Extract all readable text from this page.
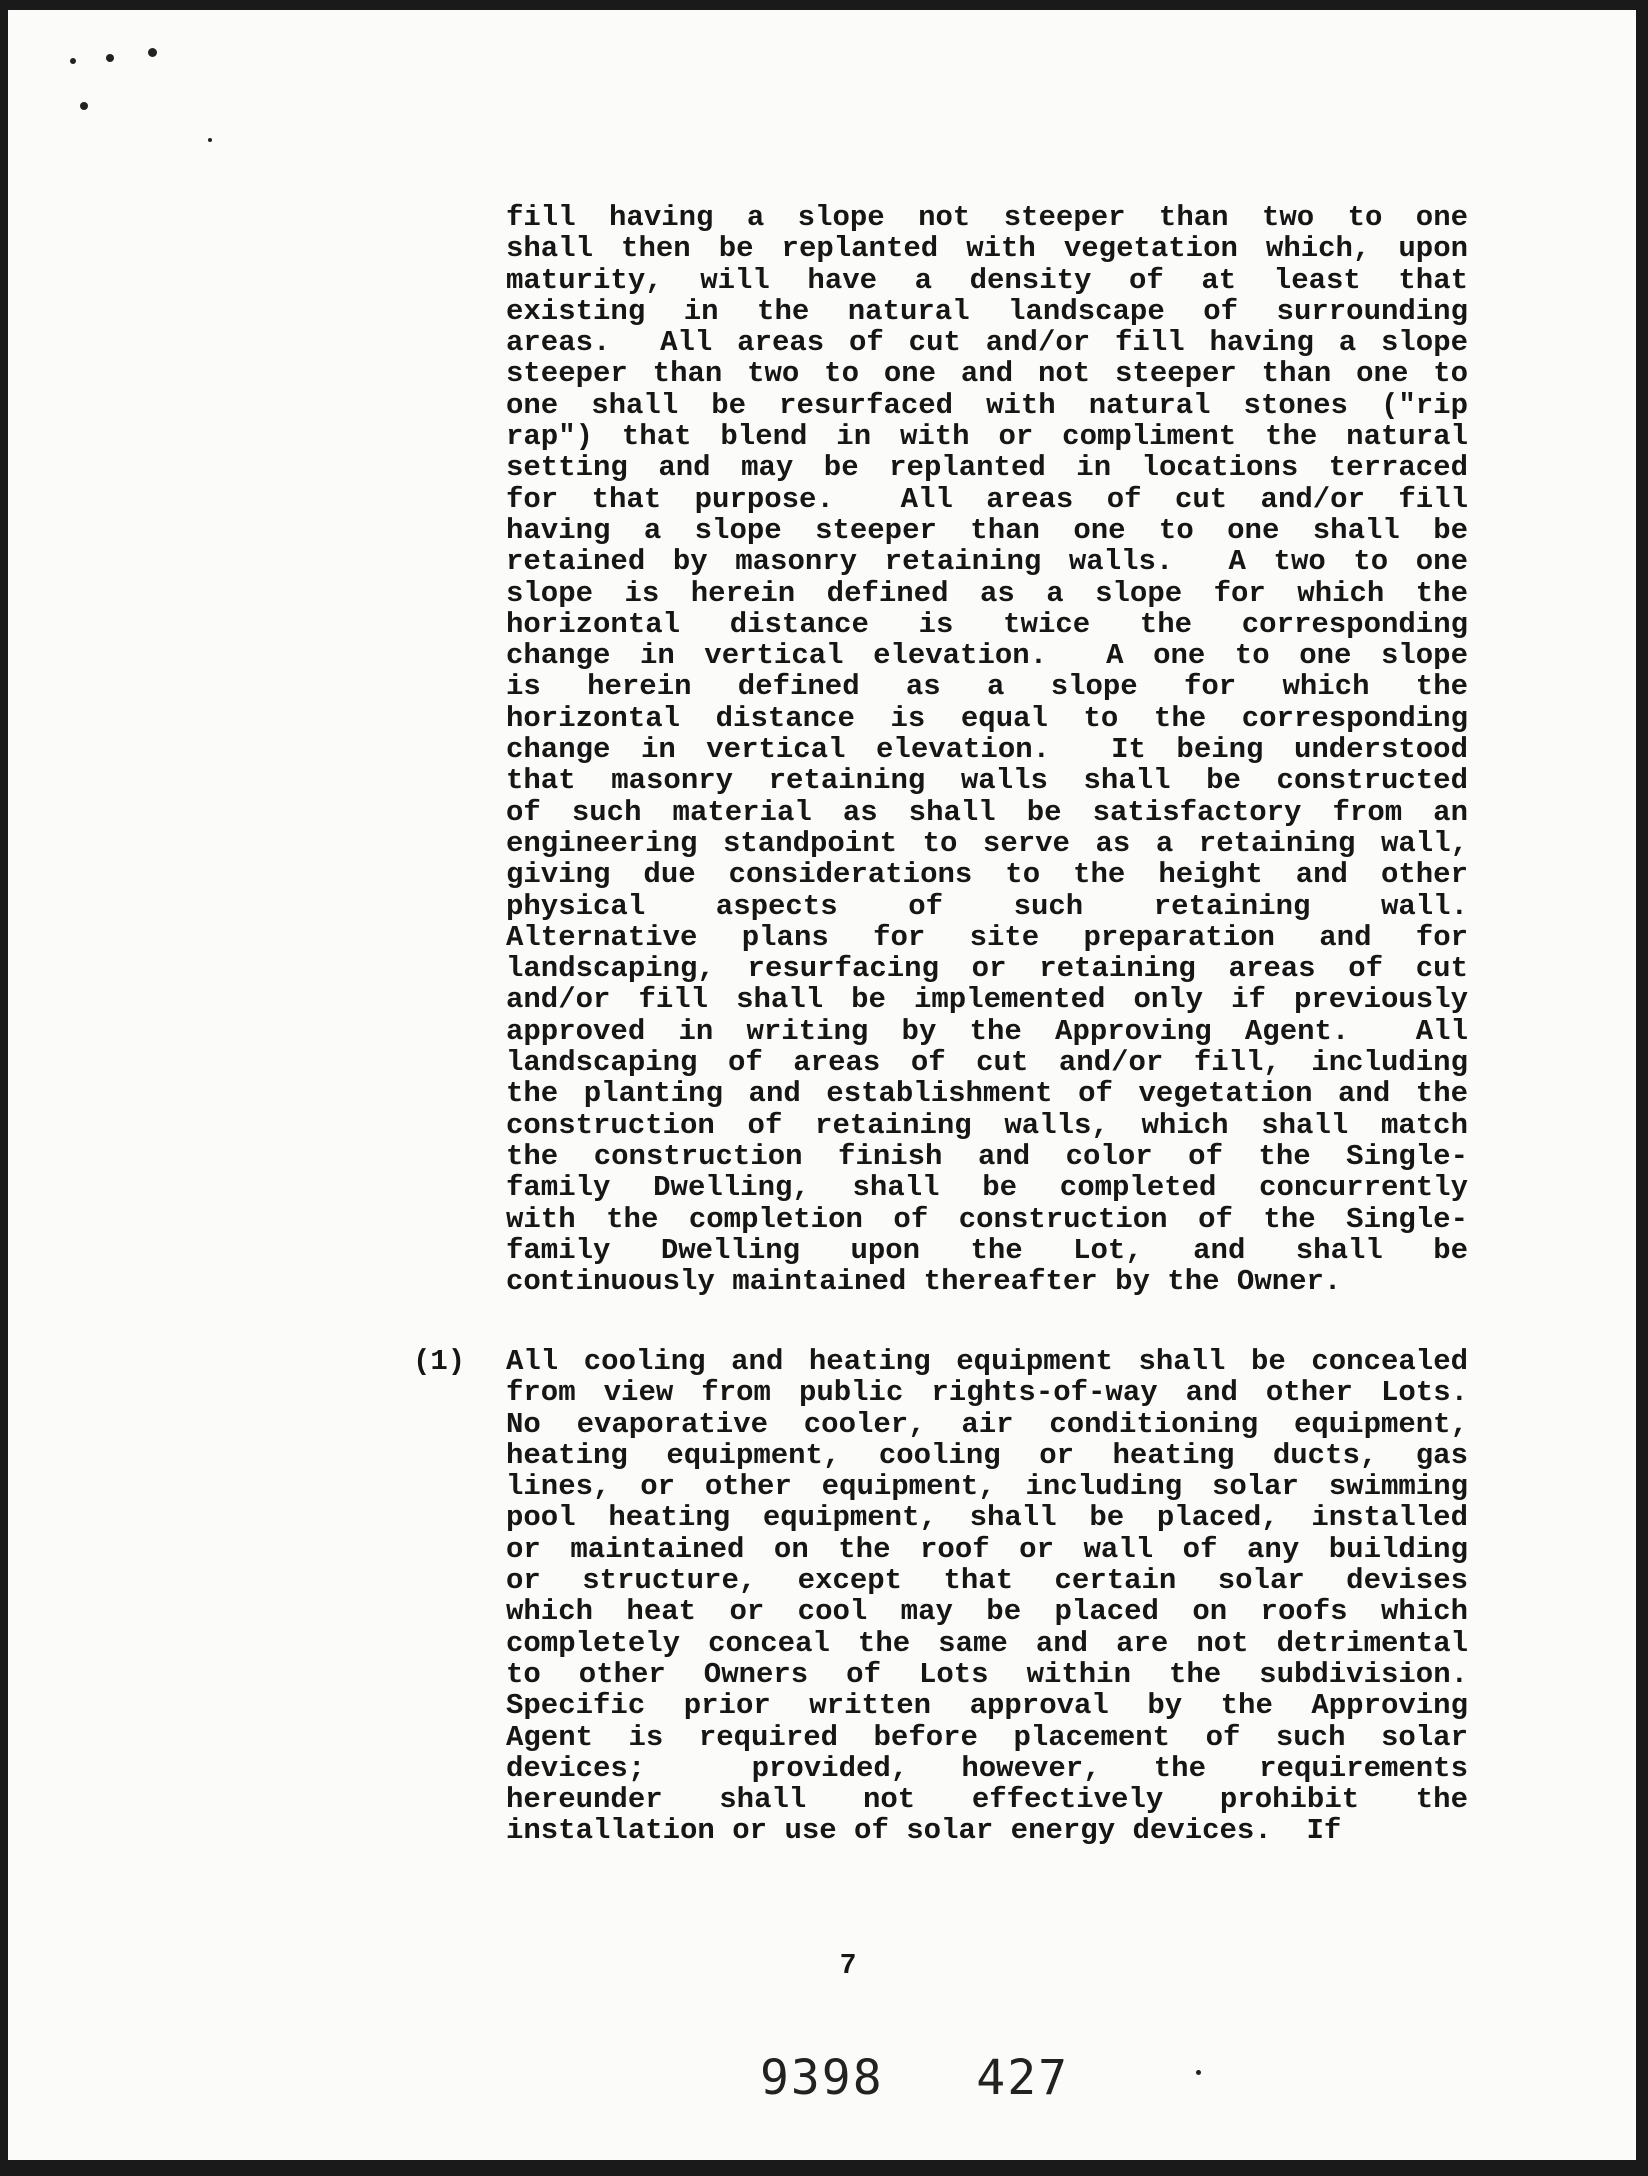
fill having a slope not steeper than two to one
shall then be replanted with vegetation which, upon
maturity, will have a density of at least that
existing in the natural landscape of surrounding
areas.  All areas of cut and/or fill having a slope
steeper than two to one and not steeper than one to
one shall be resurfaced with natural stones ("rip
rap") that blend in with or compliment the natural
setting and may be replanted in locations terraced
for that purpose.  All areas of cut and/or fill
having a slope steeper than one to one shall be
retained by masonry retaining walls.  A two to one
slope is herein defined as a slope for which the
horizontal distance is twice the corresponding
change in vertical elevation.  A one to one slope
is herein defined as a slope for which the
horizontal distance is equal to the corresponding
change in vertical elevation.  It being understood
that masonry retaining walls shall be constructed
of such material as shall be satisfactory from an
engineering standpoint to serve as a retaining wall,
giving due considerations to the height and other
physical aspects of such retaining wall.
Alternative plans for site preparation and for
landscaping, resurfacing or retaining areas of cut
and/or fill shall be implemented only if previously
approved in writing by the Approving Agent.  All
landscaping of areas of cut and/or fill, including
the planting and establishment of vegetation and the
construction of retaining walls, which shall match
the construction finish and color of the Single-
family Dwelling, shall be completed concurrently
with the completion of construction of the Single-
family Dwelling upon the Lot, and shall be
continuously maintained thereafter by the Owner.
(1) All cooling and heating equipment shall be concealed
from view from public rights-of-way and other Lots.
No evaporative cooler, air conditioning equipment,
heating equipment, cooling or heating ducts, gas
lines, or other equipment, including solar swimming
pool heating equipment, shall be placed, installed
or maintained on the roof or wall of any building
or structure, except that certain solar devises
which heat or cool may be placed on roofs which
completely conceal the same and are not detrimental
to other Owners of Lots within the subdivision.
Specific prior written approval by the Approving
Agent is required before placement of such solar
devices;  provided, however, the requirements
hereunder shall not effectively prohibit the
installation or use of solar energy devices.  If
7
9398   427
